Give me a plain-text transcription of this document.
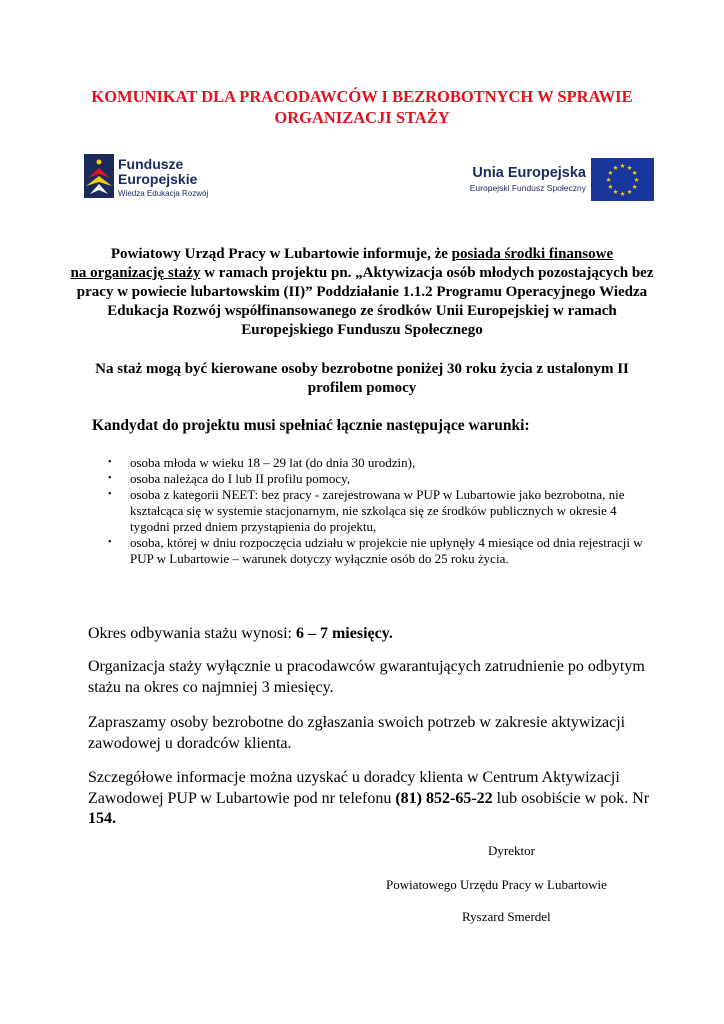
KOMUNIKAT DLA PRACODAWCÓW I BEZROBOTNYCH W SPRAWIE
ORGANIZACJI STAŻY
Fundusze
Europejskie
Wiedza Edukacja Rozwój
Unia Europejska
Europejski Fundusz Społeczny
★ ★
★
★
★
★
★
★
★
★
★
★

Powiatowy Urząd Pracy w Lubartowie informuje, że posiada środki finansowe
na organizację staży w ramach projektu pn. „Aktywizacja osób młodych pozostających bez pracy w powiecie lubartowskim (II)” Poddziałanie 1.1.2 Programu Operacyjnego Wiedza Edukacja Rozwój współfinansowanego ze środków Unii Europejskiej w ramach Europejskiego Funduszu Społecznego

Na staż mogą być kierowane osoby bezrobotne poniżej 30 roku życia z ustalonym II profilem pomocy

Kandydat do projektu musi spełniać łącznie następujące warunki:

• osoba młoda w wieku 18 – 29 lat (do dnia 30 urodzin),
• osoba należąca do I lub II profilu pomocy,
• osoba z kategorii NEET: bez pracy - zarejestrowana w PUP w Lubartowie jako bezrobotna, nie kształcąca się w systemie stacjonarnym, nie szkoląca się ze środków publicznych w okresie 4 tygodni przed dniem przystąpienia do projektu,
• osoba, której w dniu rozpoczęcia udziału w projekcie nie upłynęły 4 miesiące od dnia rejestracji w PUP w Lubartowie – warunek dotyczy wyłącznie osób do 25 roku życia.

Okres odbywania stażu wynosi: 6 – 7 miesięcy.

Organizacja staży wyłącznie u pracodawców gwarantujących zatrudnienie po odbytym stażu na okres co najmniej 3 miesięcy.

Zapraszamy osoby bezrobotne do zgłaszania swoich potrzeb w zakresie aktywizacji zawodowej u doradców klienta.

Szczegółowe informacje można uzyskać u doradcy klienta w Centrum Aktywizacji Zawodowej PUP w Lubartowie pod nr telefonu (81) 852-65-22 lub osobiście w pok. Nr 154.

Dyrektor

Powiatowego Urzędu Pracy w Lubartowie

Ryszard Smerdel
